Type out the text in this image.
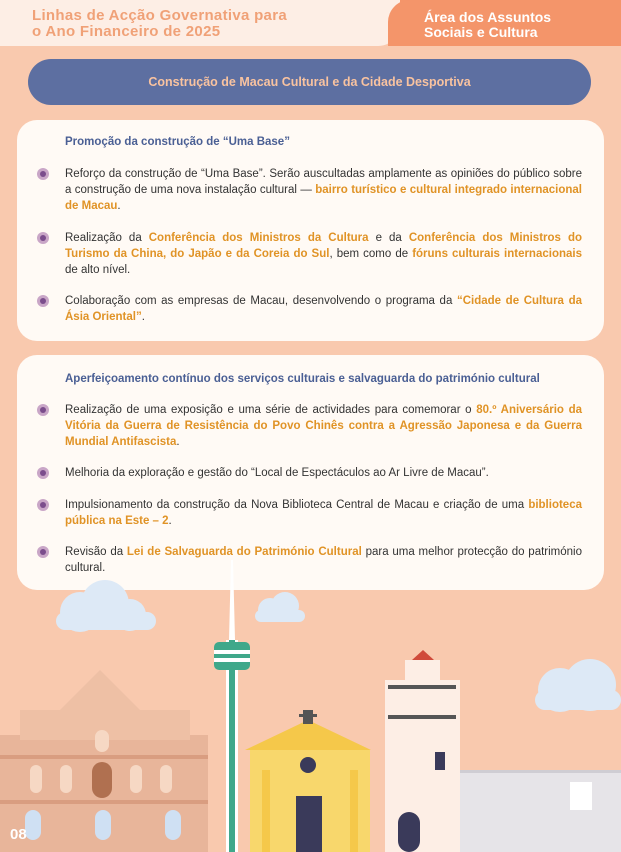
Linhas de Acção Governativa para
o Ano Financeiro de 2025
Área dos Assuntos
Sociais e Cultura
Construção de Macau Cultural e da Cidade Desportiva
Promoção da construção de “Uma Base”
Reforço da construção de “Uma Base”. Serão auscultadas amplamente as opiniões do público sobre a construção de uma nova instalação cultural — bairro turístico e cultural integrado internacional de Macau.
Realização da Conferência dos Ministros da Cultura e da Conferência dos Ministros do Turismo da China, do Japão e da Coreia do Sul, bem como de fóruns culturais internacionais de alto nível.
Colaboração com as empresas de Macau, desenvolvendo o programa da “Cidade de Cultura da Ásia Oriental”.
Aperfeiçoamento contínuo dos serviços culturais e salvaguarda do património cultural
Realização de uma exposição e uma série de actividades para comemorar o 80.º Aniversário da Vitória da Guerra de Resistência do Povo Chinês contra a Agressão Japonesa e da Guerra Mundial Antifascista.
Melhoria da exploração e gestão do “Local de Espectáculos ao Ar Livre de Macau”.
Impulsionamento da construção da Nova Biblioteca Central de Macau e criação de uma biblioteca pública na Este – 2.
Revisão da Lei de Salvaguarda do Património Cultural para uma melhor protecção do património cultural.
08
